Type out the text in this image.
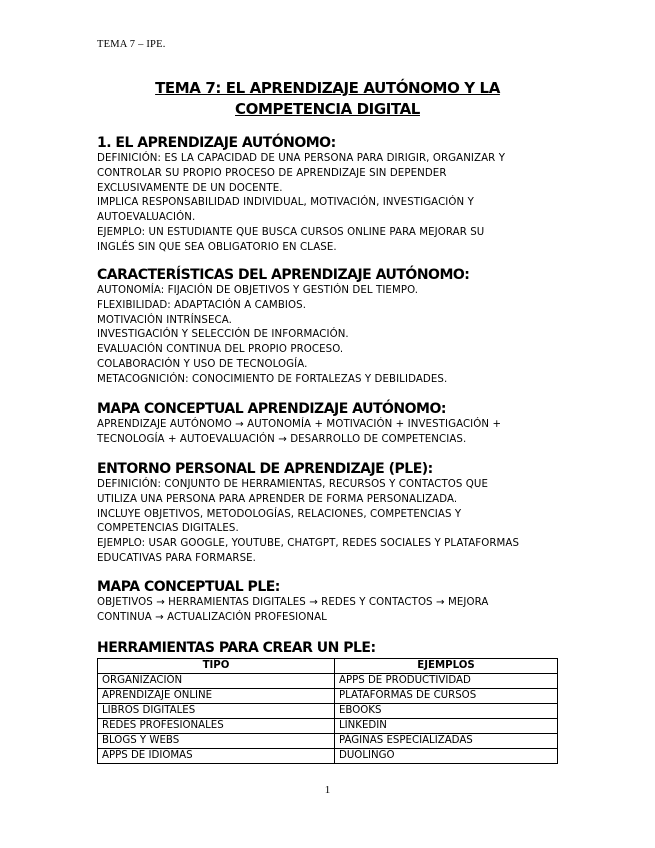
TEMA 7 – IPE.
TEMA 7: EL APRENDIZAJE AUTÓNOMO Y LA COMPETENCIA DIGITAL
1. EL APRENDIZAJE AUTÓNOMO:
DEFINICIÓN: ES LA CAPACIDAD DE UNA PERSONA PARA DIRIGIR, ORGANIZAR Y
CONTROLAR SU PROPIO PROCESO DE APRENDIZAJE SIN DEPENDER
EXCLUSIVAMENTE DE UN DOCENTE.
IMPLICA RESPONSABILIDAD INDIVIDUAL, MOTIVACIÓN, INVESTIGACIÓN Y
AUTOEVALUACIÓN.
EJEMPLO: UN ESTUDIANTE QUE BUSCA CURSOS ONLINE PARA MEJORAR SU
INGLÉS SIN QUE SEA OBLIGATORIO EN CLASE.
CARACTERÍSTICAS DEL APRENDIZAJE AUTÓNOMO:
AUTONOMÍA: FIJACIÓN DE OBJETIVOS Y GESTIÓN DEL TIEMPO.
FLEXIBILIDAD: ADAPTACIÓN A CAMBIOS.
MOTIVACIÓN INTRÍNSECA.
INVESTIGACIÓN Y SELECCIÓN DE INFORMACIÓN.
EVALUACIÓN CONTINUA DEL PROPIO PROCESO.
COLABORACIÓN Y USO DE TECNOLOGÍA.
METACOGNICIÓN: CONOCIMIENTO DE FORTALEZAS Y DEBILIDADES.
MAPA CONCEPTUAL APRENDIZAJE AUTÓNOMO:
APRENDIZAJE AUTÓNOMO → AUTONOMÍA + MOTIVACIÓN + INVESTIGACIÓN +
TECNOLOGÍA + AUTOEVALUACIÓN → DESARROLLO DE COMPETENCIAS.
ENTORNO PERSONAL DE APRENDIZAJE (PLE):
DEFINICIÓN: CONJUNTO DE HERRAMIENTAS, RECURSOS Y CONTACTOS QUE
UTILIZA UNA PERSONA PARA APRENDER DE FORMA PERSONALIZADA.
INCLUYE OBJETIVOS, METODOLOGÍAS, RELACIONES, COMPETENCIAS Y
COMPETENCIAS DIGITALES.
EJEMPLO: USAR GOOGLE, YOUTUBE, CHATGPT, REDES SOCIALES Y PLATAFORMAS
EDUCATIVAS PARA FORMARSE.
MAPA CONCEPTUAL PLE:
OBJETIVOS → HERRAMIENTAS DIGITALES → REDES Y CONTACTOS → MEJORA
CONTINUA → ACTUALIZACIÓN PROFESIONAL
HERRAMIENTAS PARA CREAR UN PLE:
TIPO	EJEMPLOS
ORGANIZACIÓN	APPS DE PRODUCTIVIDAD
APRENDIZAJE ONLINE	PLATAFORMAS DE CURSOS
LIBROS DIGITALES	EBOOKS
REDES PROFESIONALES	LINKEDIN
BLOGS Y WEBS	PÁGINAS ESPECIALIZADAS
APPS DE IDIOMAS	DUOLINGO
1
